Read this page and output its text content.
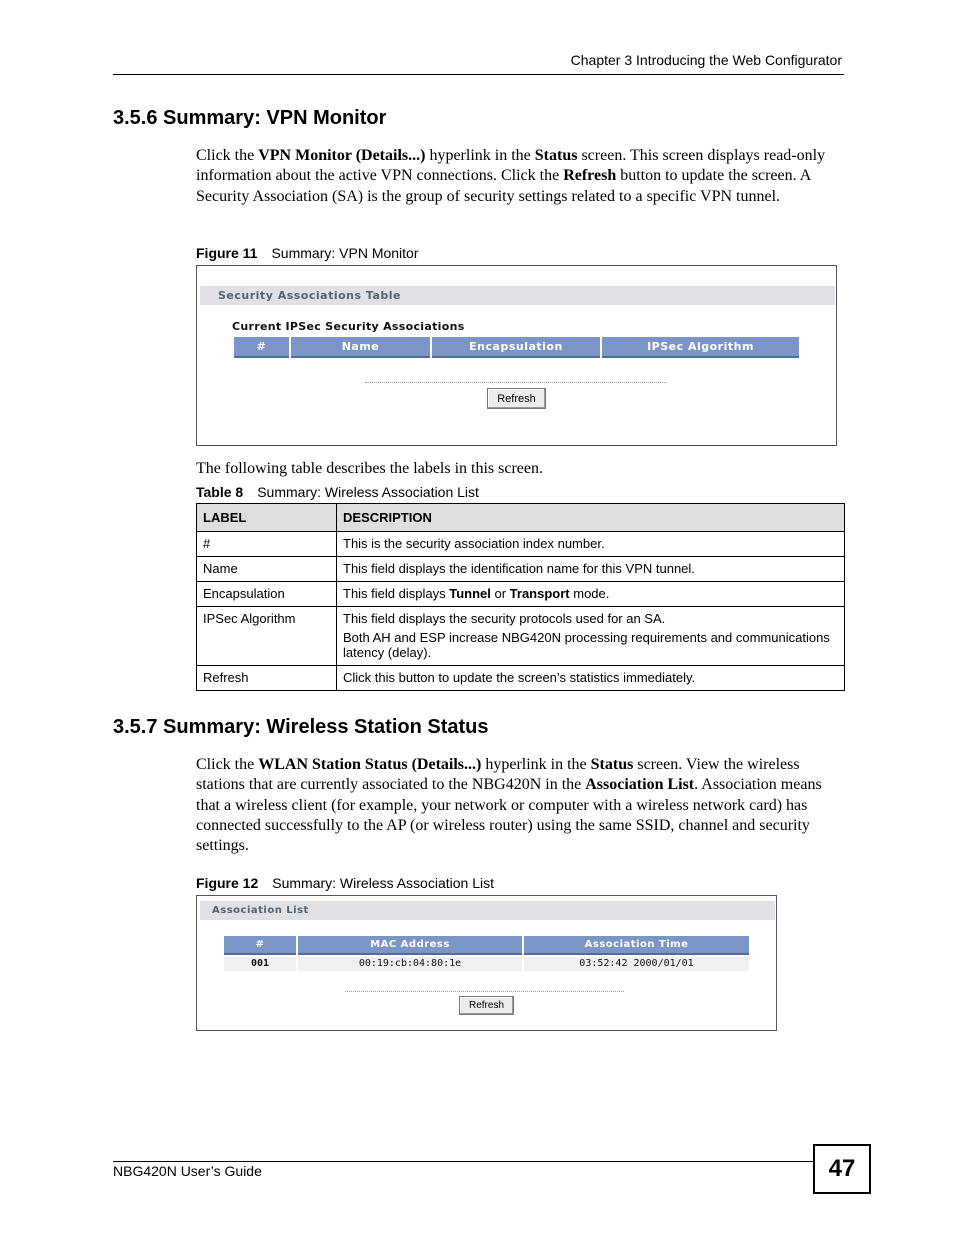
Chapter 3 Introducing the Web Configurator
3.5.6 Summary: VPN Monitor

Click the VPN Monitor (Details...) hyperlink in the Status screen. This screen displays read-only information about the active VPN connections. Click the Refresh button to update the screen. A Security Association (SA) is the group of security settings related to a specific VPN tunnel.

Figure 11 Summary: VPN Monitor
Security Associations Table
Current IPSec Security Associations
#	Name	Encapsulation	IPSec Algorithm
Refresh

The following table describes the labels in this screen.

Table 8 Summary: Wireless Association List
LABEL	DESCRIPTION
#	This is the security association index number.

Name	This field displays the identification name for this VPN tunnel.

Encapsulation	This field displays Tunnel or Transport mode.

IPSec Algorithm	This field displays the security protocols used for an SA.

Both AH and ESP increase NBG420N processing requirements and communications latency (delay).

Refresh	Click this button to update the screen’s statistics immediately.

3.5.7 Summary: Wireless Station Status

Click the WLAN Station Status (Details...) hyperlink in the Status screen. View the wireless stations that are currently associated to the NBG420N in the Association List. Association means that a wireless client (for example, your network or computer with a wireless network card) has connected successfully to the AP (or wireless router) using the same SSID, channel and security settings.

Figure 12 Summary: Wireless Association List
Association List
#	MAC Address	Association Time
001	00:19:cb:04:80:1e	03:52:42 2000/01/01
Refresh
NBG420N User’s Guide	47
